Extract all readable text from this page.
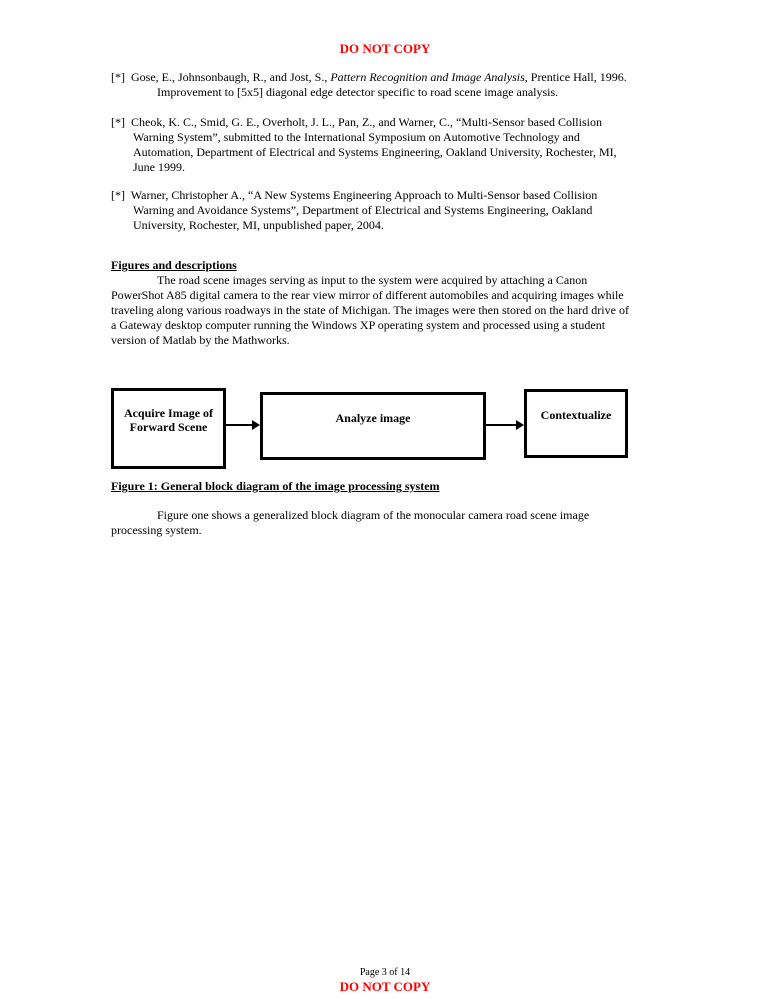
DO NOT COPY
[*] Gose, E., Johnsonbaugh, R., and Jost, S., Pattern Recognition and Image Analysis, Prentice Hall, 1996.
Improvement to [5x5] diagonal edge detector specific to road scene image analysis.
[*] Cheok, K. C., Smid, G. E., Overholt, J. L., Pan, Z., and Warner, C., “Multi-Sensor based Collision
Warning System”, submitted to the International Symposium on Automotive Technology and
Automation, Department of Electrical and Systems Engineering, Oakland University, Rochester, MI,
June 1999.
[*] Warner, Christopher A., “A New Systems Engineering Approach to Multi-Sensor based Collision
Warning and Avoidance Systems”, Department of Electrical and Systems Engineering, Oakland
University, Rochester, MI, unpublished paper, 2004.
Figures and descriptions
The road scene images serving as input to the system were acquired by attaching a Canon
PowerShot A85 digital camera to the rear view mirror of different automobiles and acquiring images while
traveling along various roadways in the state of Michigan. The images were then stored on the hard drive of
a Gateway desktop computer running the Windows XP operating system and processed using a student
version of Matlab by the Mathworks.
Acquire Image of
Forward Scene
Analyze image	Contextualize
Figure 1: General block diagram of the image processing system
Figure one shows a generalized block diagram of the monocular camera road scene image
processing system.
Page 3 of 14
DO NOT COPY
